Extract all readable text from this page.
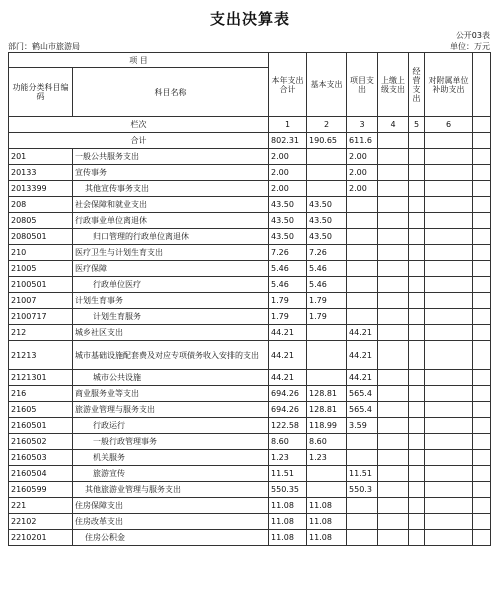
支出决算表
公开03表
部门：鹤山市旅游局	单位：万元
项 目		本年支出合计	基本支出	项目支出	上缴上级支出	经营支出	对附属单位补助支出	
功能分类科目编码	科目名称							
栏次		1	2	3	4	5	6	
合计		802.31	190.65	611.6				
201	一般公共服务支出	2.00		2.00				
20133	宣传事务	2.00		2.00				
2013399	其他宣传事务支出	2.00		2.00				
208	社会保障和就业支出	43.50	43.50					
20805	行政事业单位离退休	43.50	43.50					
2080501	归口管理的行政单位离退休	43.50	43.50					
210	医疗卫生与计划生育支出	7.26	7.26					
21005	医疗保障	5.46	5.46					
2100501	行政单位医疗	5.46	5.46					
21007	计划生育事务	1.79	1.79					
2100717	计划生育服务	1.79	1.79					
212	城乡社区支出	44.21		44.21				
21213	城市基础设施配套费及对应专项债务收入安排的支出	44.21		44.21				
2121301	城市公共设施	44.21		44.21				
216	商业服务业等支出	694.26	128.81	565.4				
21605	旅游业管理与服务支出	694.26	128.81	565.4				
2160501	行政运行	122.58	118.99	3.59				
2160502	一般行政管理事务	8.60	8.60					
2160503	机关服务	1.23	1.23					
2160504	旅游宣传	11.51		11.51				
2160599	其他旅游业管理与服务支出	550.35		550.3				
221	住房保障支出	11.08	11.08					
22102	住房改革支出	11.08	11.08					
2210201	住房公积金	11.08	11.08					
